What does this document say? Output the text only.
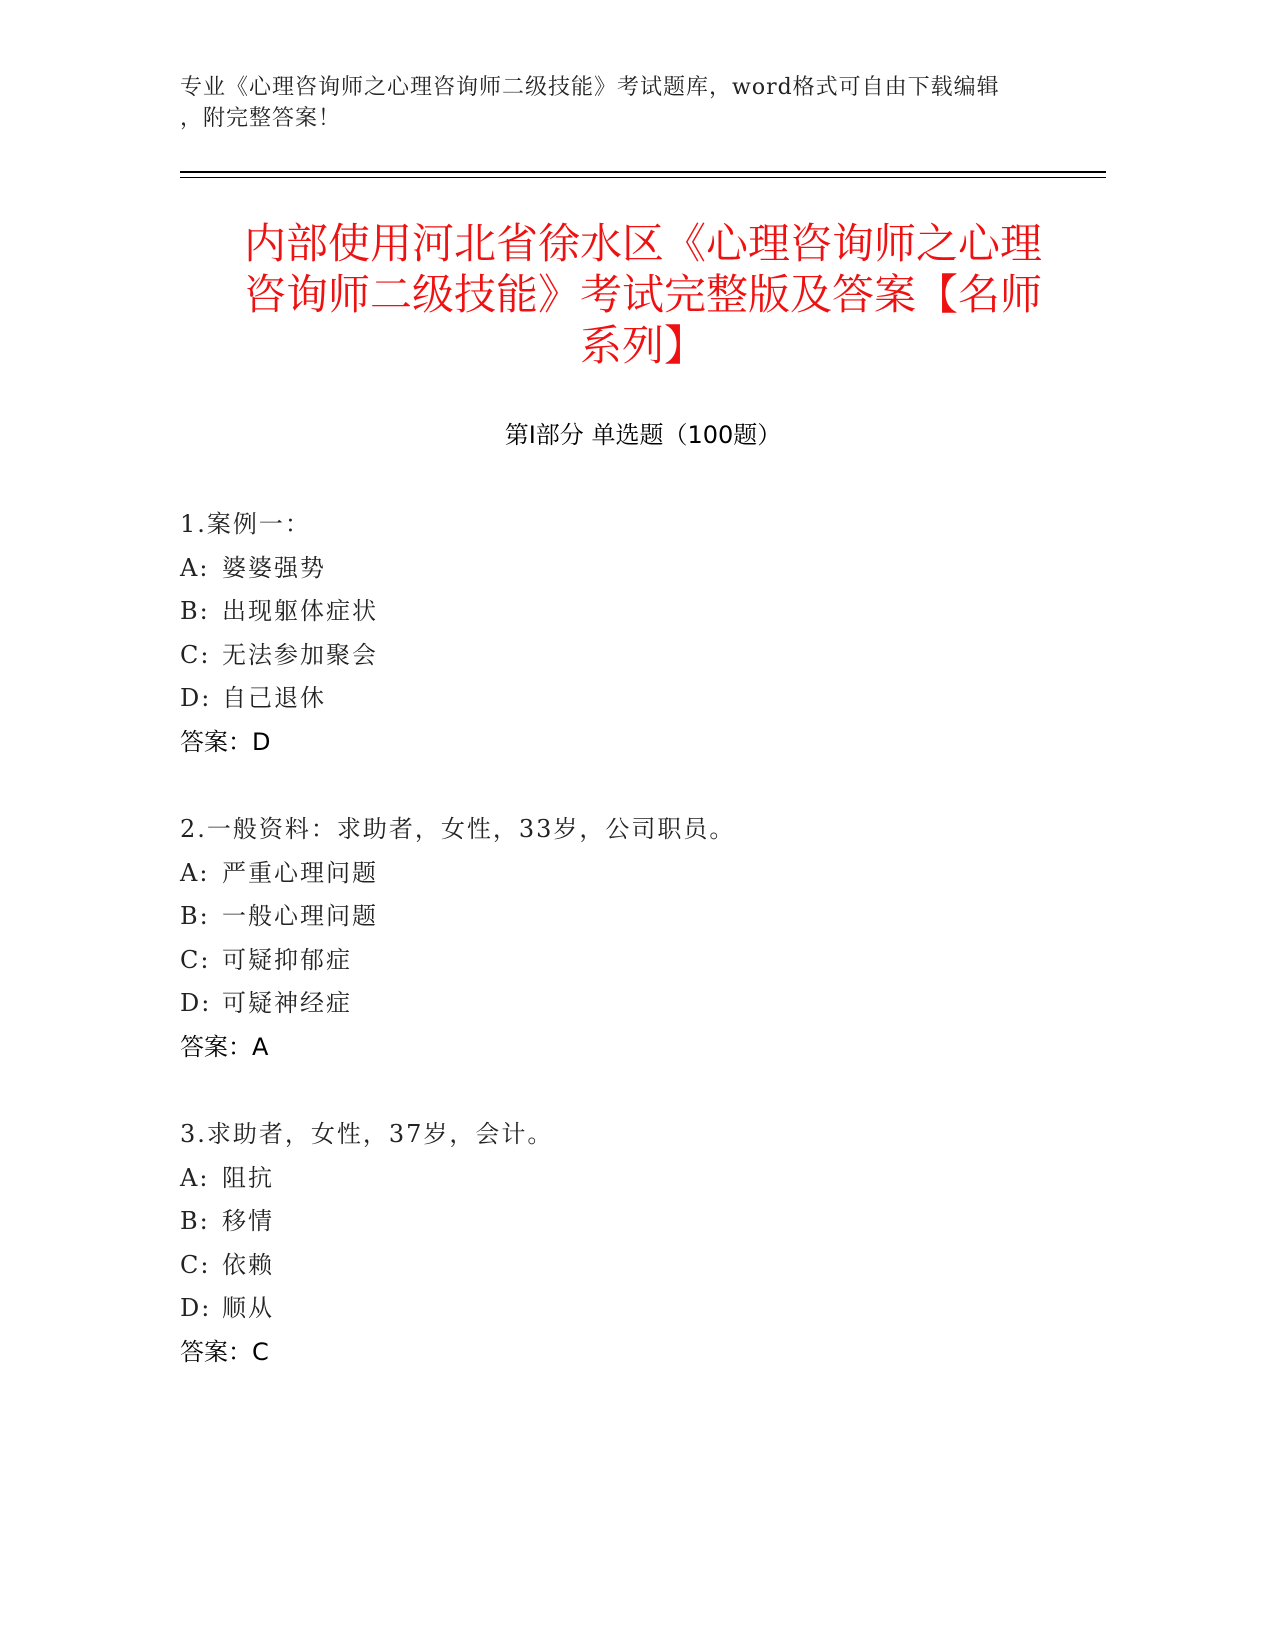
专业《心理咨询师之心理咨询师二级技能》考试题库，word格式可自由下载编辑
，附完整答案！
内部使用河北省徐水区《心理咨询师之心理
咨询师二级技能》考试完整版及答案【名师
系列】
第Ⅰ部分 单选题（100题）
1.案例一：
A: 婆婆强势
B: 出现躯体症状
C: 无法参加聚会
D: 自己退休
答案：D
2.一般资料：求助者，女性，33岁，公司职员。
A: 严重心理问题
B: 一般心理问题
C: 可疑抑郁症
D: 可疑神经症
答案：A
3.求助者，女性，37岁，会计。
A: 阻抗
B: 移情
C: 依赖
D: 顺从
答案：C
